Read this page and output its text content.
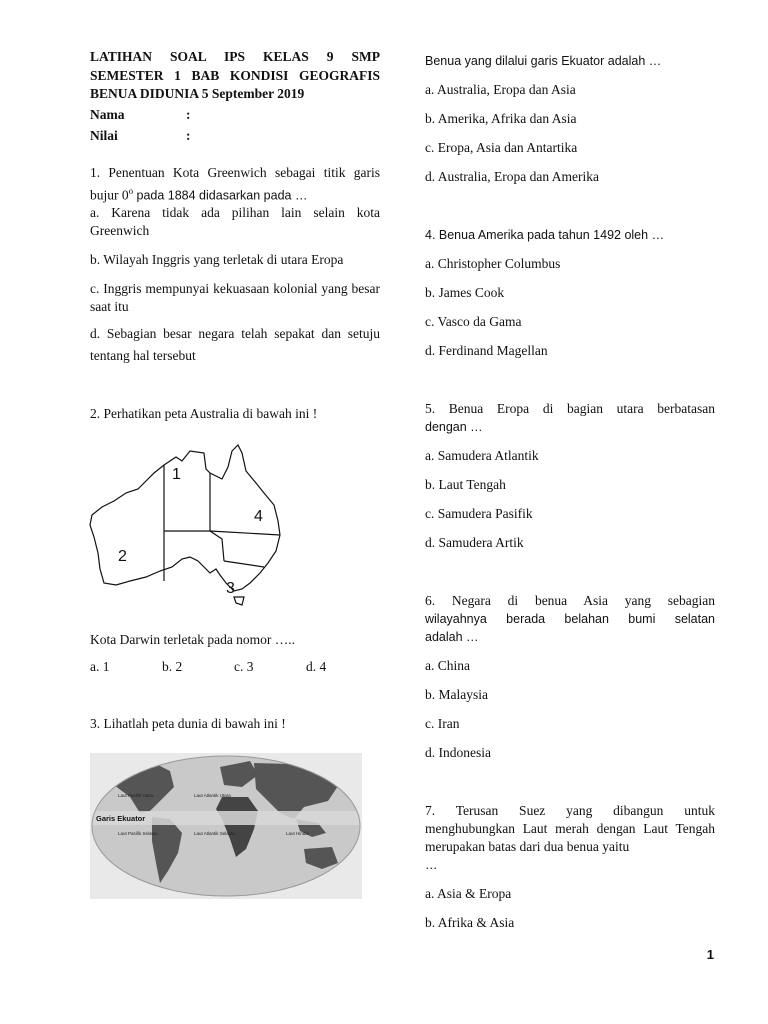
LATIHAN SOAL IPS KELAS 9 SMP SEMESTER 1 BAB KONDISI GEOGRAFIS BENUA DIDUNIA 5 September 2019

Nama	:
Nilai	:

1. Penentuan Kota Greenwich sebagai titik garis bujur 0$^o$ pada 1884 didasarkan pada …

a. Karena tidak ada pilihan lain selain kota Greenwich

b. Wilayah Inggris yang terletak di utara Eropa

c. Inggris mempunyai kekuasaan kolonial yang besar saat itu

d. Sebagian besar negara telah sepakat dan setuju tentang hal tersebut

2. Perhatikan peta Australia di bawah ini !

1
2
3
4

Kota Darwin terletak pada nomor …..

a. 1	b. 2	c. 3	d. 4

3. Lihatlah peta dunia di bawah ini !

Garis Ekuator
Laut Pasifik Utara	Laut Atlantik Utara
Laut Pasifik Selatan	Laut Atlantik Selatan	Laut Hindia

Benua yang dilalui garis Ekuator adalah …

a. Australia, Eropa dan Asia

b. Amerika, Afrika dan Asia

c. Eropa, Asia dan Antartika

d. Australia, Eropa dan Amerika

4. Benua Amerika pada tahun 1492 oleh …

a. Christopher Columbus

b. James Cook

c. Vasco da Gama

d. Ferdinand Magellan

5. Benua Eropa di bagian utara berbatasan

dengan …

a. Samudera Atlantik

b. Laut Tengah

c. Samudera Pasifik

d. Samudera Artik

6. Negara di benua Asia yang sebagian

wilayahnya berada belahan bumi selatan

adalah …

a. China

b. Malaysia

c. Iran

d. Indonesia

7. Terusan Suez yang dibangun untuk menghubungkan Laut merah dengan Laut Tengah merupakan batas dari dua benua yaitu

…

a. Asia & Eropa

b. Afrika & Asia

1
